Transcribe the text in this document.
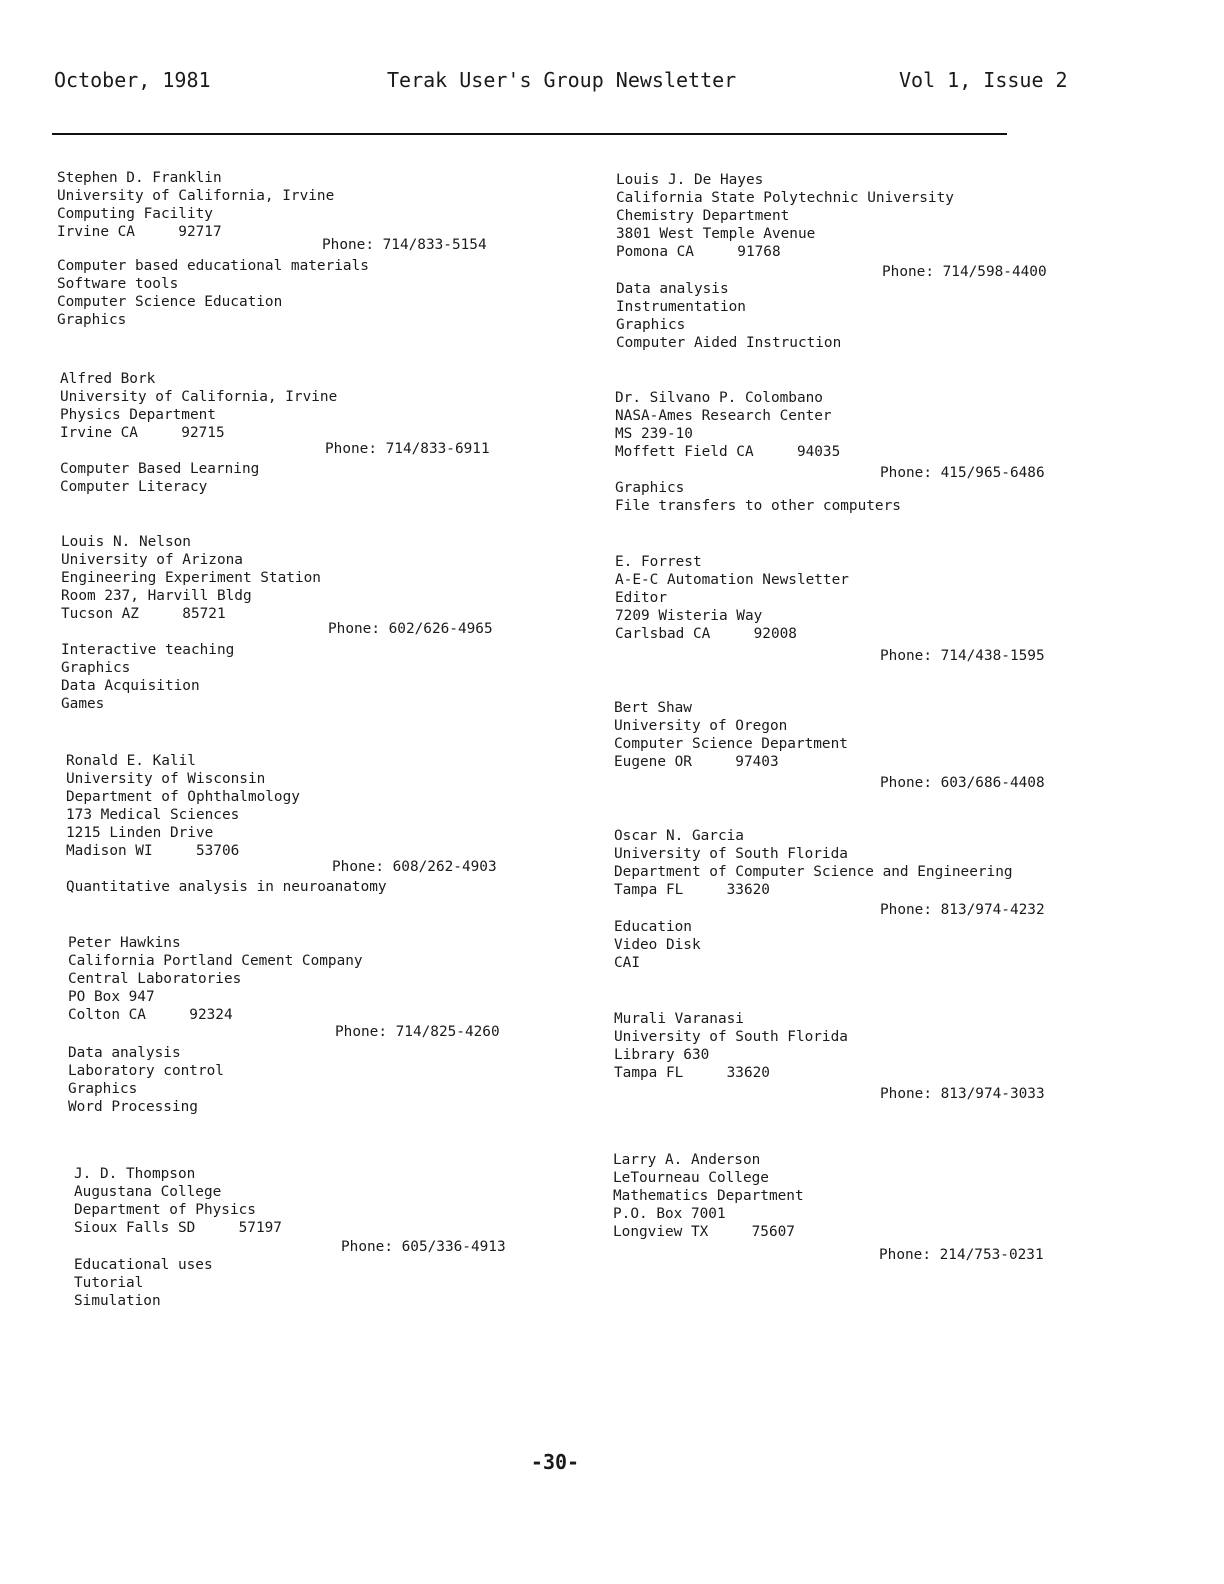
October, 1981	Terak User's Group Newsletter	Vol 1, Issue 2
Stephen D. Franklin
University of California, Irvine
Computing Facility
Irvine CA     92717
Phone: 714/833-5154
Computer based educational materials
Software tools
Computer Science Education
Graphics
Alfred Bork
University of California, Irvine
Physics Department
Irvine CA     92715
Phone: 714/833-6911
Computer Based Learning
Computer Literacy
Louis N. Nelson
University of Arizona
Engineering Experiment Station
Room 237, Harvill Bldg
Tucson AZ     85721
Phone: 602/626-4965
Interactive teaching
Graphics
Data Acquisition
Games
Ronald E. Kalil
University of Wisconsin
Department of Ophthalmology
173 Medical Sciences
1215 Linden Drive
Madison WI     53706
Phone: 608/262-4903
Quantitative analysis in neuroanatomy
Peter Hawkins
California Portland Cement Company
Central Laboratories
PO Box 947
Colton CA     92324
Phone: 714/825-4260
Data analysis
Laboratory control
Graphics
Word Processing
J. D. Thompson
Augustana College
Department of Physics
Sioux Falls SD     57197
Phone: 605/336-4913
Educational uses
Tutorial
Simulation
Louis J. De Hayes
California State Polytechnic University
Chemistry Department
3801 West Temple Avenue
Pomona CA     91768
Phone: 714/598-4400
Data analysis
Instrumentation
Graphics
Computer Aided Instruction
Dr. Silvano P. Colombano
NASA-Ames Research Center
MS 239-10
Moffett Field CA     94035
Phone: 415/965-6486
Graphics
File transfers to other computers
E. Forrest
A-E-C Automation Newsletter
Editor
7209 Wisteria Way
Carlsbad CA     92008
Phone: 714/438-1595
Bert Shaw
University of Oregon
Computer Science Department
Eugene OR     97403
Phone: 603/686-4408
Oscar N. Garcia
University of South Florida
Department of Computer Science and Engineering
Tampa FL     33620
Phone: 813/974-4232
Education
Video Disk
CAI
Murali Varanasi
University of South Florida
Library 630
Tampa FL     33620
Phone: 813/974-3033
Larry A. Anderson
LeTourneau College
Mathematics Department
P.O. Box 7001
Longview TX     75607
Phone: 214/753-0231
-30-
